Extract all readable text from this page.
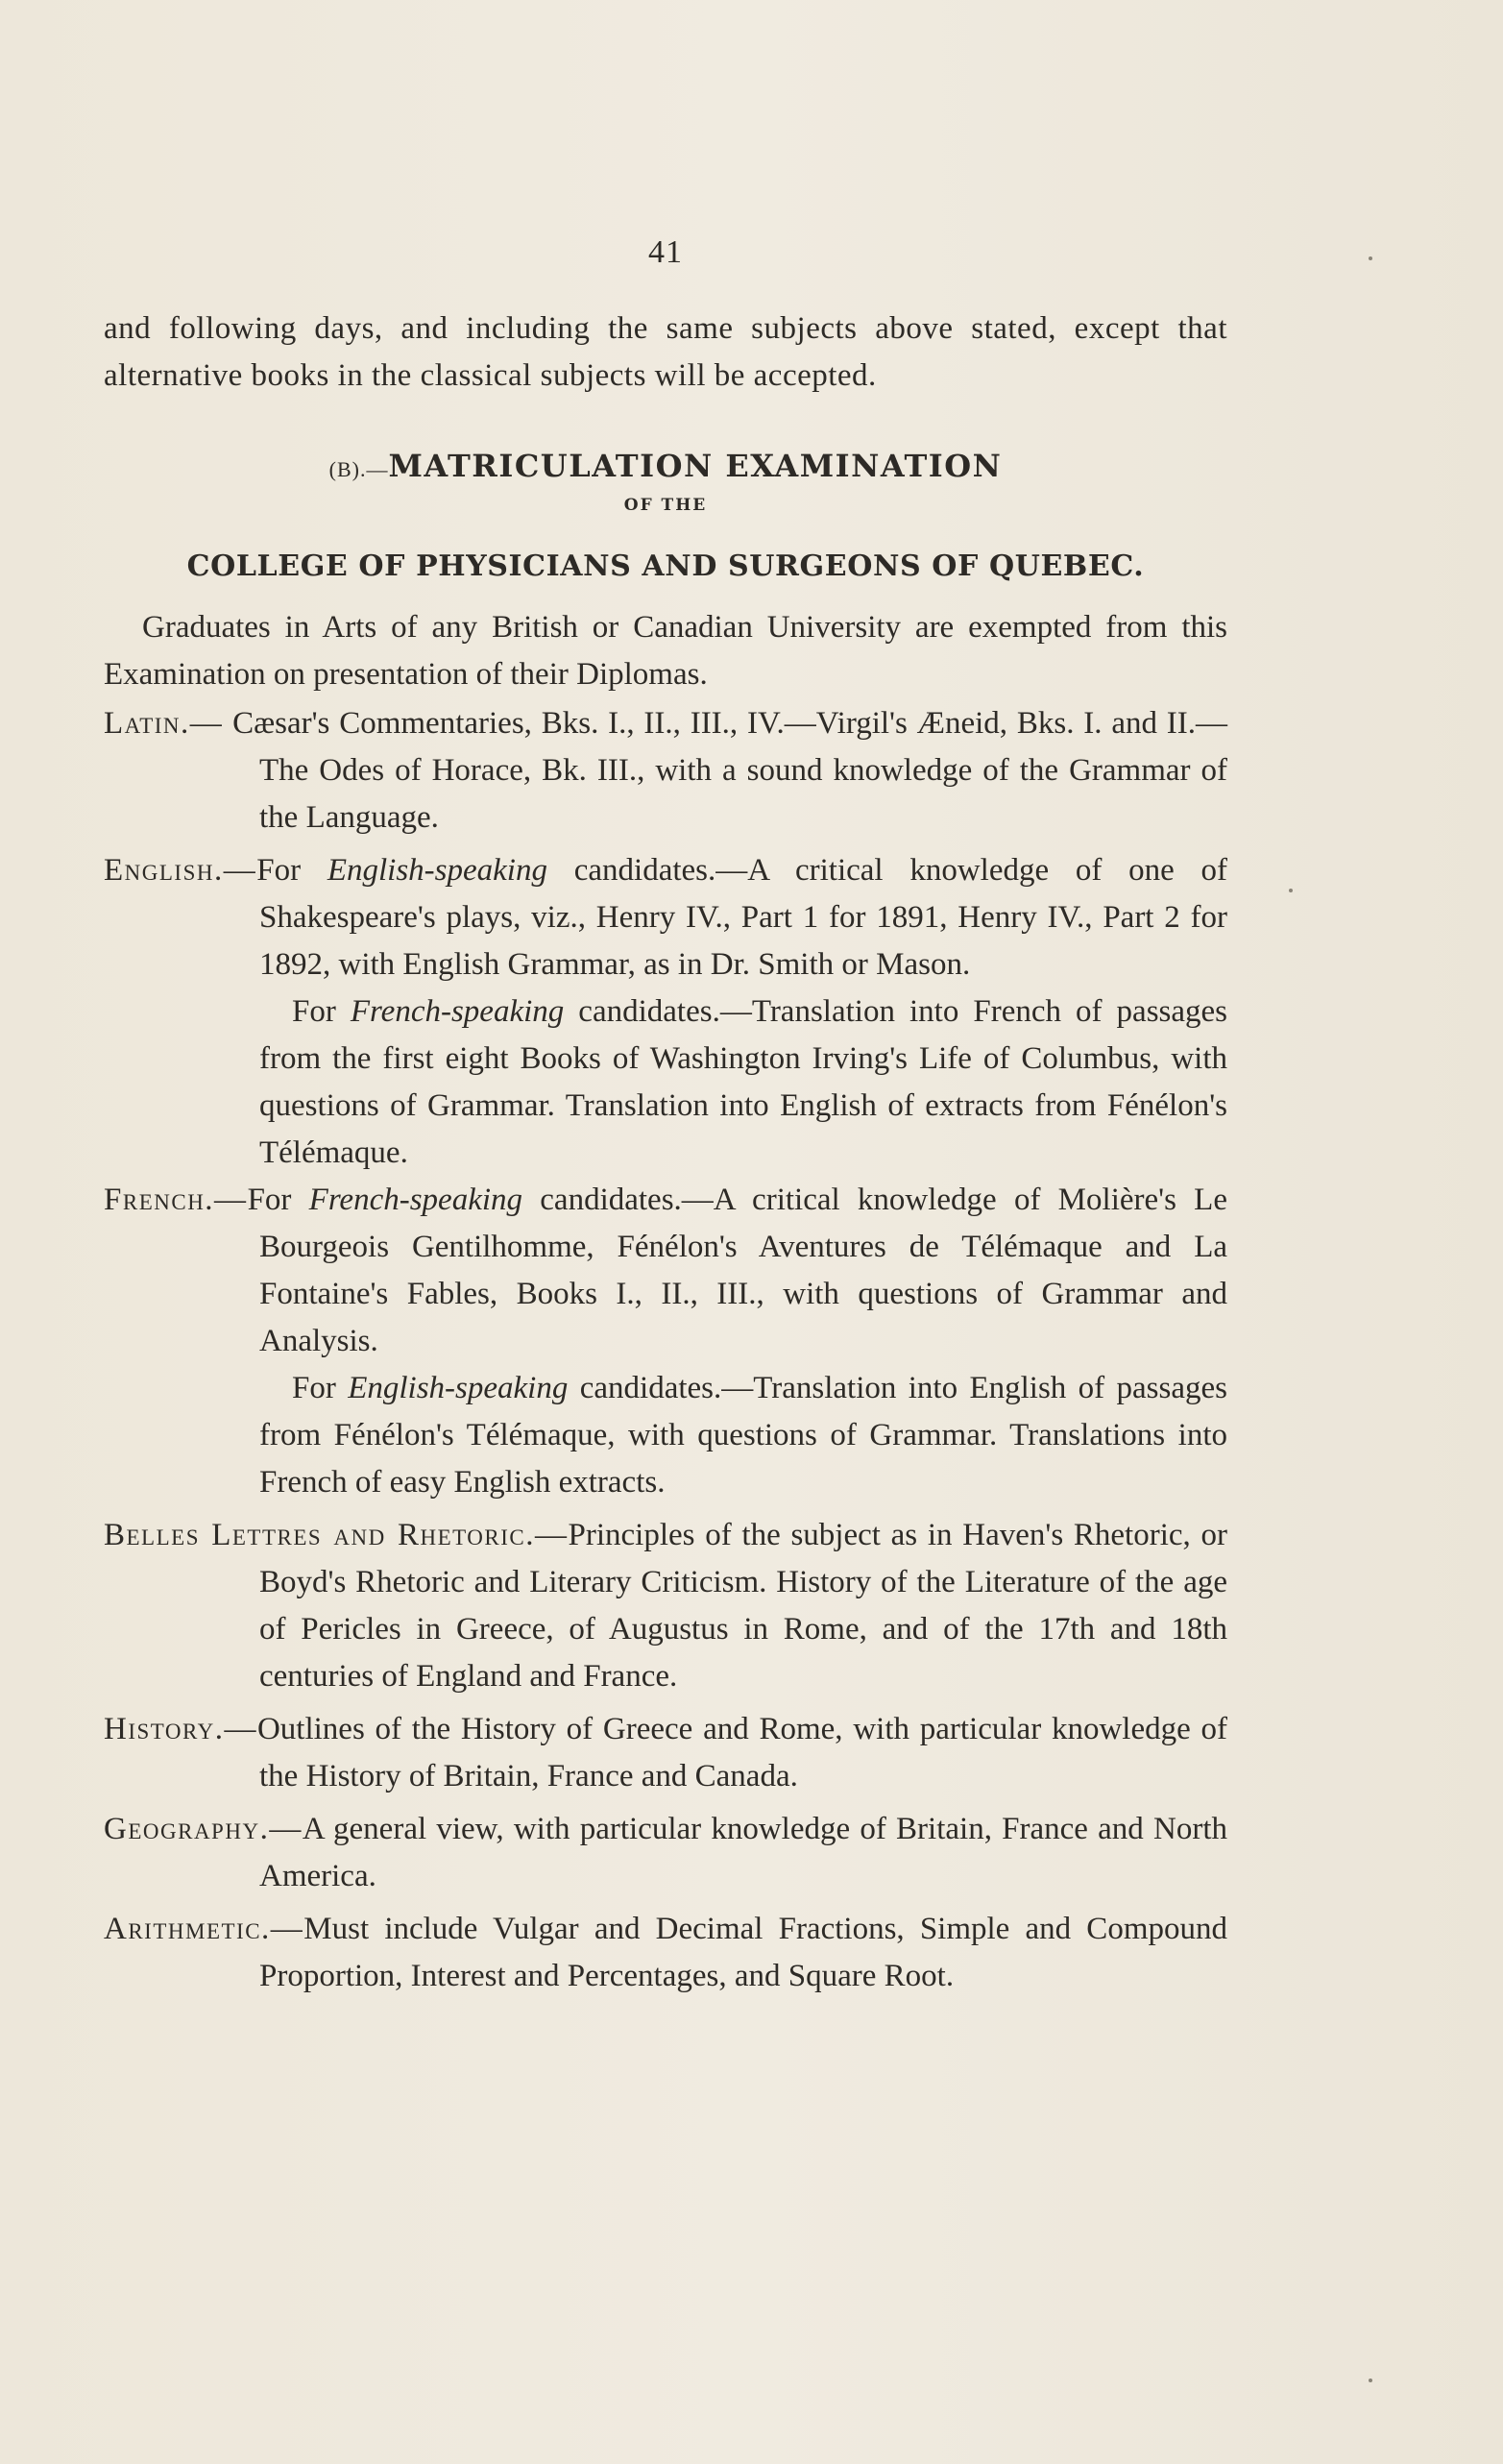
41

and following days, and including the same subjects above stated, except that alternative books in the classical subjects will be accepted.

(B).—MATRICULATION EXAMINATION
OF THE
COLLEGE OF PHYSICIANS AND SURGEONS OF QUEBEC.

Graduates in Arts of any British or Canadian University are exempted from this Examination on presentation of their Diplomas.

Latin.— Cæsar's Commentaries, Bks. I., II., III., IV.—Virgil's Æneid, Bks. I. and II.—The Odes of Horace, Bk. III., with a sound knowledge of the Grammar of the Language.

English.—For English-speaking candidates.—A critical knowledge of one of Shakespeare's plays, viz., Henry IV., Part 1 for 1891, Henry IV., Part 2 for 1892, with English Grammar, as in Dr. Smith or Mason.

For French-speaking candidates.—Translation into French of passages from the first eight Books of Washington Irving's Life of Columbus, with questions of Grammar. Translation into English of extracts from Fénélon's Télémaque.

French.—For French-speaking candidates.—A critical knowledge of Molière's Le Bourgeois Gentilhomme, Fénélon's Aventures de Télémaque and La Fontaine's Fables, Books I., II., III., with questions of Grammar and Analysis.

For English-speaking candidates.—Translation into English of passages from Fénélon's Télémaque, with questions of Grammar. Translations into French of easy English extracts.

Belles Lettres and Rhetoric.—Principles of the subject as in Haven's Rhetoric, or Boyd's Rhetoric and Literary Criticism. History of the Literature of the age of Pericles in Greece, of Augustus in Rome, and of the 17th and 18th centuries of England and France.

History.—Outlines of the History of Greece and Rome, with particular knowledge of the History of Britain, France and Canada.

Geography.—A general view, with particular knowledge of Britain, France and North America.

Arithmetic.—Must include Vulgar and Decimal Fractions, Simple and Compound Proportion, Interest and Percentages, and Square Root.
